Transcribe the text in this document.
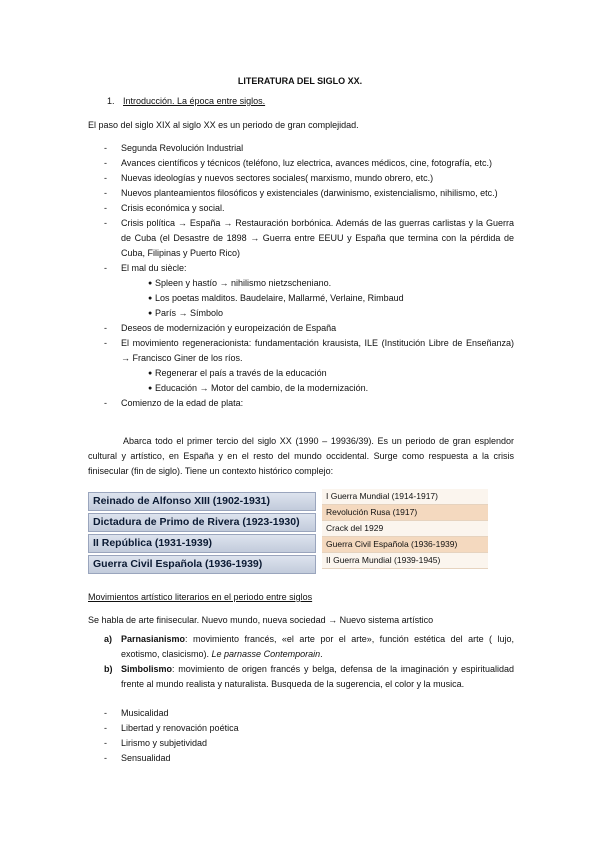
LITERATURA DEL SIGLO XX.
1. Introducción. La época entre siglos.
El paso del siglo XIX al siglo XX es un periodo de gran complejidad.
- Segunda Revolución Industrial
- Avances científicos y técnicos (teléfono, luz electrica, avances médicos, cine, fotografía, etc.)
- Nuevas ideologías y nuevos sectores sociales( marxismo, mundo obrero, etc.)
- Nuevos planteamientos filosóficos y existenciales (darwinismo, existencialismo, nihilismo, etc.)
- Crisis económica y social.
- Crisis política → España → Restauración borbónica. Además de las guerras carlistas y la Guerra de Cuba (el Desastre de 1898 → Guerra entre EEUU y España que termina con la pérdida de Cuba, Filipinas y Puerto Rico)
- El mal du siècle:
● Spleen y hastío → nihilismo nietzscheniano.
● Los poetas malditos. Baudelaire, Mallarmé, Verlaine, Rimbaud
● París → Símbolo
- Deseos de modernización y europeización de España
- El movimiento regeneracionista: fundamentación krausista, ILE (Institución Libre de Enseñanza) → Francisco Giner de los ríos.
● Regenerar el país a través de la educación
● Educación → Motor del cambio, de la modernización.
- Comienzo de la edad de plata:
Abarca todo el primer tercio del siglo XX (1990 – 19936/39). Es un periodo de gran esplendor cultural y artístico, en España y en el resto del mundo occidental. Surge como respuesta a la crisis finisecular (fin de siglo). Tiene un contexto histórico complejo:
Reinado de Alfonso XIII (1902-1931)
Dictadura de Primo de Rivera (1923-1930)
II República (1931-1939)
Guerra Civil Española (1936-1939)
I Guerra Mundial (1914-1917)
Revolución Rusa (1917)
Crack del 1929
Guerra Civil Española (1936-1939)
II Guerra Mundial (1939-1945)
Movimientos artístico literarios en el periodo entre siglos
Se habla de arte finisecular. Nuevo mundo, nueva sociedad → Nuevo sistema artístico
a) Parnasianismo: movimiento francés, «el arte por el arte», función estética del arte ( lujo, exotismo, clasicismo). Le parnasse Contemporain.
b) Simbolismo: movimiento de origen francés y belga, defensa de la imaginación y espiritualidad frente al mundo realista y naturalista. Busqueda de la sugerencia, el color y la musica.
- Musicalidad
- Libertad y renovación poética
- Lirismo y subjetividad
- Sensualidad
